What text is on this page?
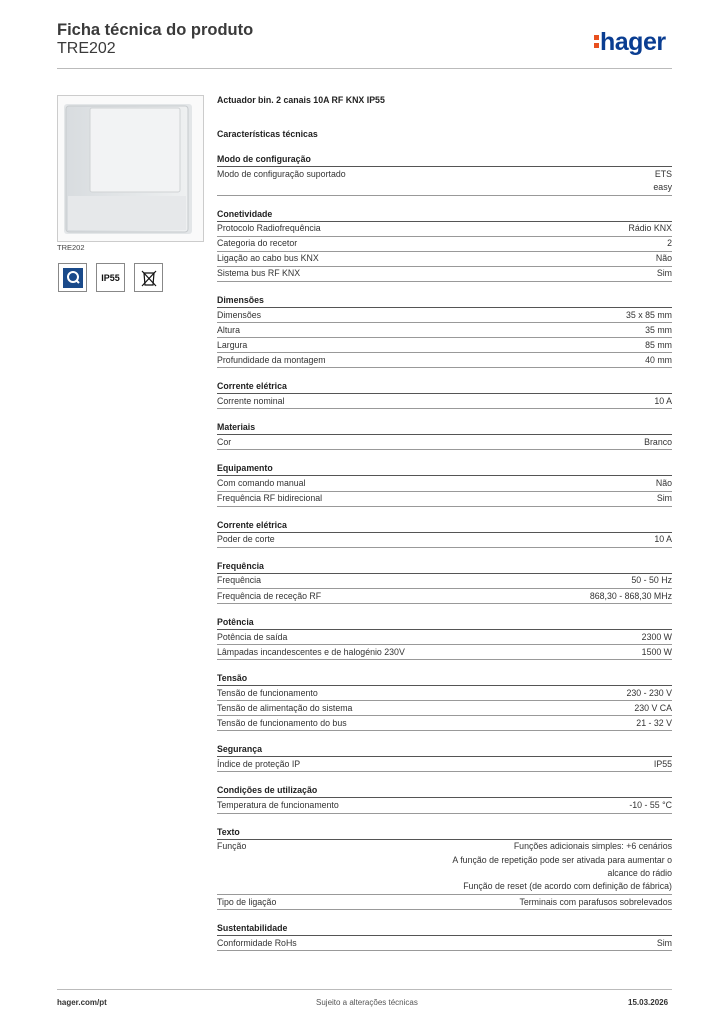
Ficha técnica do produto
TRE202	hager
TRE202
IP55
Actuador bin. 2 canais 10A RF KNX IP55
Características técnicas
Modo de configuração
Modo de configuração suportado	ETS
easy
Conetividade
Protocolo Radiofrequência	Rádio KNX
Categoria do recetor	2
Ligação ao cabo bus KNX	Não
Sistema bus RF KNX	Sim
Dimensões
Dimensões	35 x 85 mm
Altura	35 mm
Largura	85 mm
Profundidade da montagem	40 mm
Corrente elétrica
Corrente nominal	10 A
Materiais
Cor	Branco
Equipamento
Com comando manual	Não
Frequência RF bidirecional	Sim
Corrente elétrica
Poder de corte	10 A
Frequência
Frequência	50 - 50 Hz
Frequência de receção RF	868,30 - 868,30 MHz
Potência
Potência de saída	2300 W
Lâmpadas incandescentes e de halogénio 230V	1500 W
Tensão
Tensão de funcionamento	230 - 230 V
Tensão de alimentação do sistema	230 V CA
Tensão de funcionamento do bus	21 - 32 V
Segurança
Índice de proteção IP	IP55
Condições de utilização
Temperatura de funcionamento	-10 - 55 °C
Texto
Função	Funções adicionais simples: +6 cenários
A função de repetição pode ser ativada para aumentar o
alcance do rádio
Função de reset (de acordo com definição de fábrica)
Tipo de ligação	Terminais com parafusos sobrelevados
Sustentabilidade
Conformidade RoHs	Sim
hager.com/pt	Sujeito a alterações técnicas	15.03.2026
